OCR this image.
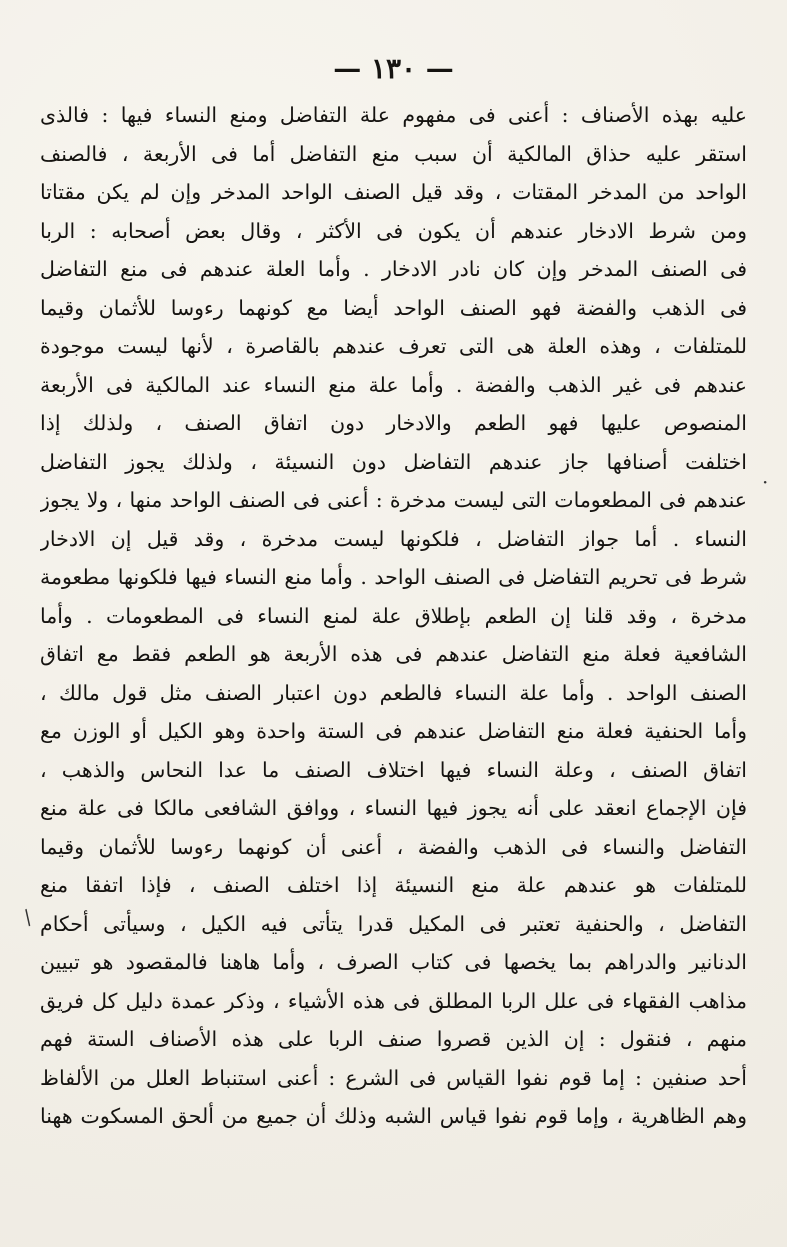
— ١٣٠ —
عليه بهذه الأصناف : أعنى فى مفهوم علة التفاضل ومنع النساء فيها : فالذى
استقر عليه حذاق المالكية أن سبب منع التفاضل أما فى الأربعة ، فالصنف
الواحد من المدخر المقتات ، وقد قيل الصنف الواحد المدخر وإن لم يكن مقتاتا
ومن شرط الادخار عندهم أن يكون فى الأكثر ، وقال بعض أصحابه : الربا
فى الصنف المدخر وإن كان نادر الادخار . وأما العلة عندهم فى منع التفاضل
فى الذهب والفضة فهو الصنف الواحد أيضا مع كونهما رءوسا للأثمان وقيما
للمتلفات ، وهذه العلة هى التى تعرف عندهم بالقاصرة ، لأنها ليست موجودة
عندهم فى غير الذهب والفضة . وأما علة منع النساء عند المالكية فى الأربعة
المنصوص عليها فهو الطعم والادخار دون اتفاق الصنف ، ولذلك إذا
اختلفت أصنافها جاز عندهم التفاضل دون النسيئة ، ولذلك يجوز التفاضل
عندهم فى المطعومات التى ليست مدخرة : أعنى فى الصنف الواحد منها ، ولا يجوز
النساء . أما جواز التفاضل ، فلكونها ليست مدخرة ، وقد قيل إن الادخار
شرط فى تحريم التفاضل فى الصنف الواحد . وأما منع النساء فيها فلكونها مطعومة
مدخرة ، وقد قلنا إن الطعم بإطلاق علة لمنع النساء فى المطعومات . وأما
الشافعية فعلة منع التفاضل عندهم فى هذه الأربعة هو الطعم فقط مع اتفاق
الصنف الواحد . وأما علة النساء فالطعم دون اعتبار الصنف مثل قول مالك ،
وأما الحنفية فعلة منع التفاضل عندهم فى الستة واحدة وهو الكيل أو الوزن مع
اتفاق الصنف ، وعلة النساء فيها اختلاف الصنف ما عدا النحاس والذهب ،
فإن الإجماع انعقد على أنه يجوز فيها النساء ، ووافق الشافعى مالكا فى علة منع
التفاضل والنساء فى الذهب والفضة ، أعنى أن كونهما رءوسا للأثمان وقيما
للمتلفات هو عندهم علة منع النسيئة إذا اختلف الصنف ، فإذا اتفقا منع
التفاضل ، والحنفية تعتبر فى المكيل قدرا يتأتى فيه الكيل ، وسيأتى أحكام
الدنانير والدراهم بما يخصها فى كتاب الصرف ، وأما هاهنا فالمقصود هو تبيين
مذاهب الفقهاء فى علل الربا المطلق فى هذه الأشياء ، وذكر عمدة دليل كل فريق
منهم ، فنقول : إن الذين قصروا صنف الربا على هذه الأصناف الستة فهم
أحد صنفين : إما قوم نفوا القياس فى الشرع : أعنى استنباط العلل من الألفاظ
وهم الظاهرية ، وإما قوم نفوا قياس الشبه وذلك أن جميع من ألحق المسكوت ههنا
·
/
